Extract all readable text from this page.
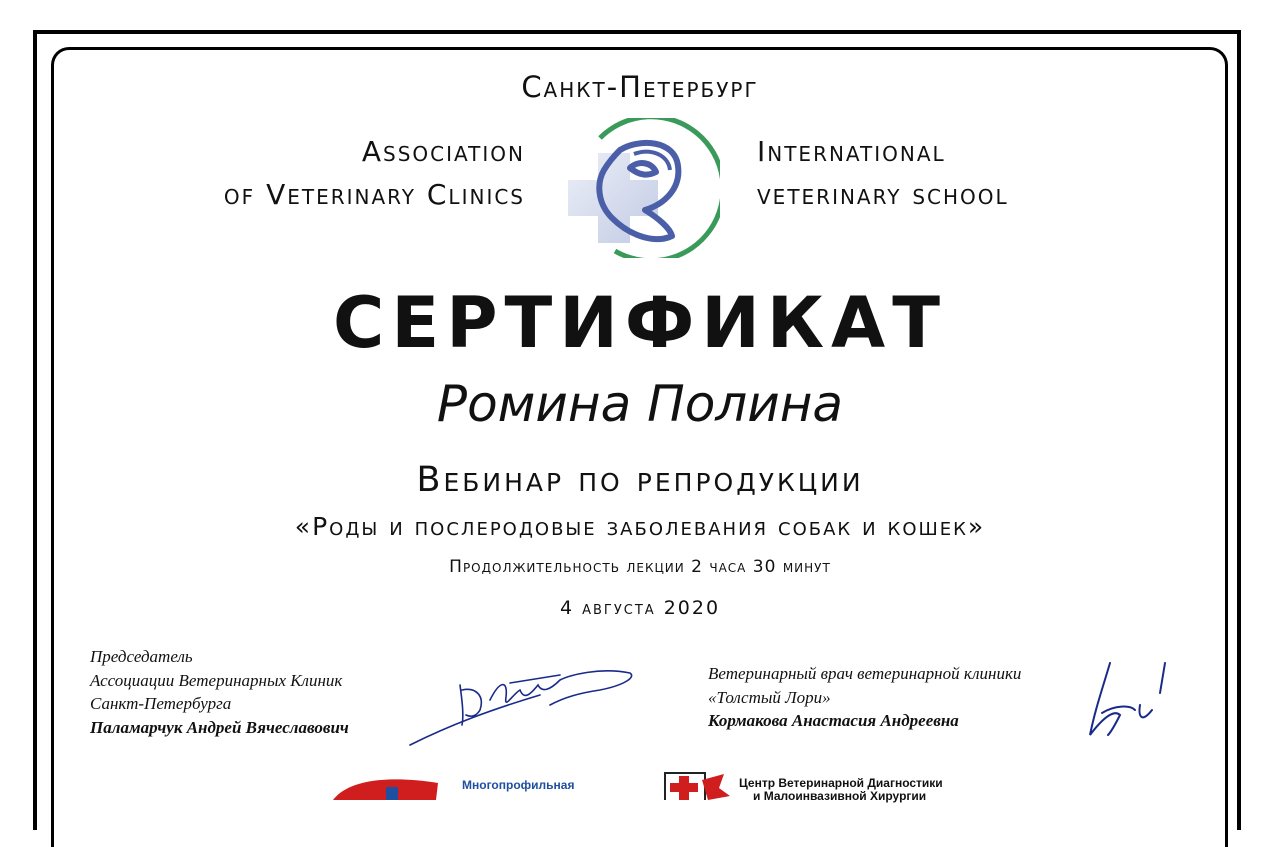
Санкт-Петербург
Association
of Veterinary Clinics
International
veterinary school
СЕРТИФИКАТ
Ромина Полина
Вебинар по репродукции
«Роды и послеродовые заболевания собак и кошек»
Продолжительность лекции 2 часа 30 минут
4 августа 2020
Председатель
Ассоциации Ветеринарных Клиник
Санкт-Петербурга
Паламарчук Андрей Вячеславович
Ветеринарный врач ветеринарной клиники
«Толстый Лори»
Кормакова Анастасия Андреевна
Многопрофильная	Центр Ветеринарной Диагностики
и Малоинвазивной Хирургии
